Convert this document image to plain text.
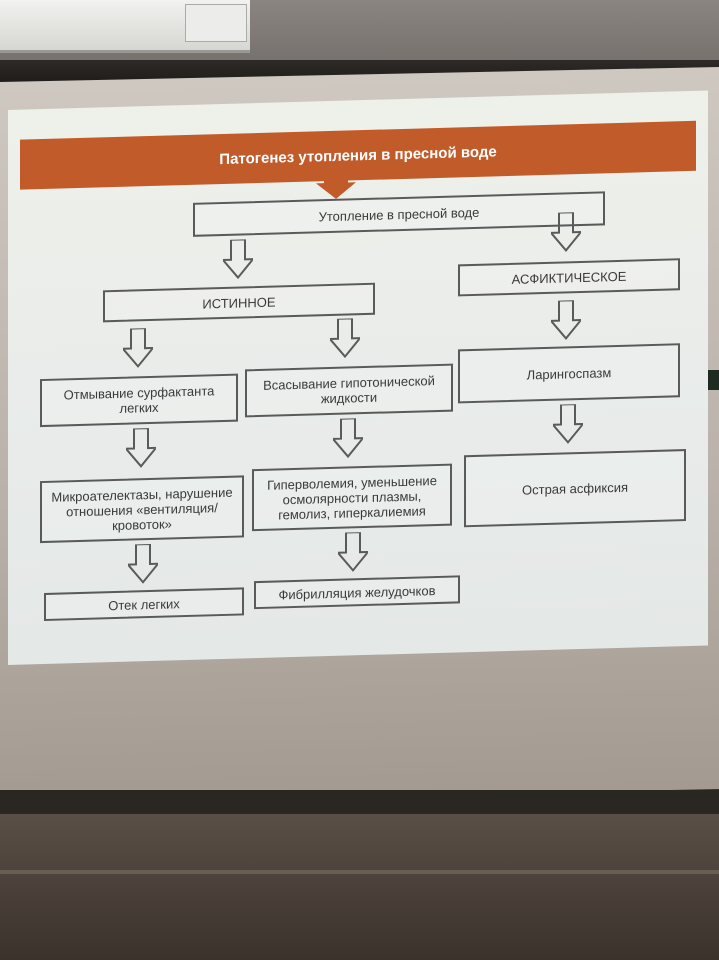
Патогенез утопления в пресной воде
Утопление в пресной воде
ИСТИННОЕ
АСФИКТИЧЕСКОЕ
Отмывание сурфактанта легких
Всасывание гипотонической жидкости
Ларингоспазм
Микроателектазы, нарушение отношения «вентиляция/кровоток»
Гиперволемия, уменьшение осмолярности плазмы, гемолиз, гиперкалиемия
Острая асфиксия
Отек легких
Фибрилляция желудочков
